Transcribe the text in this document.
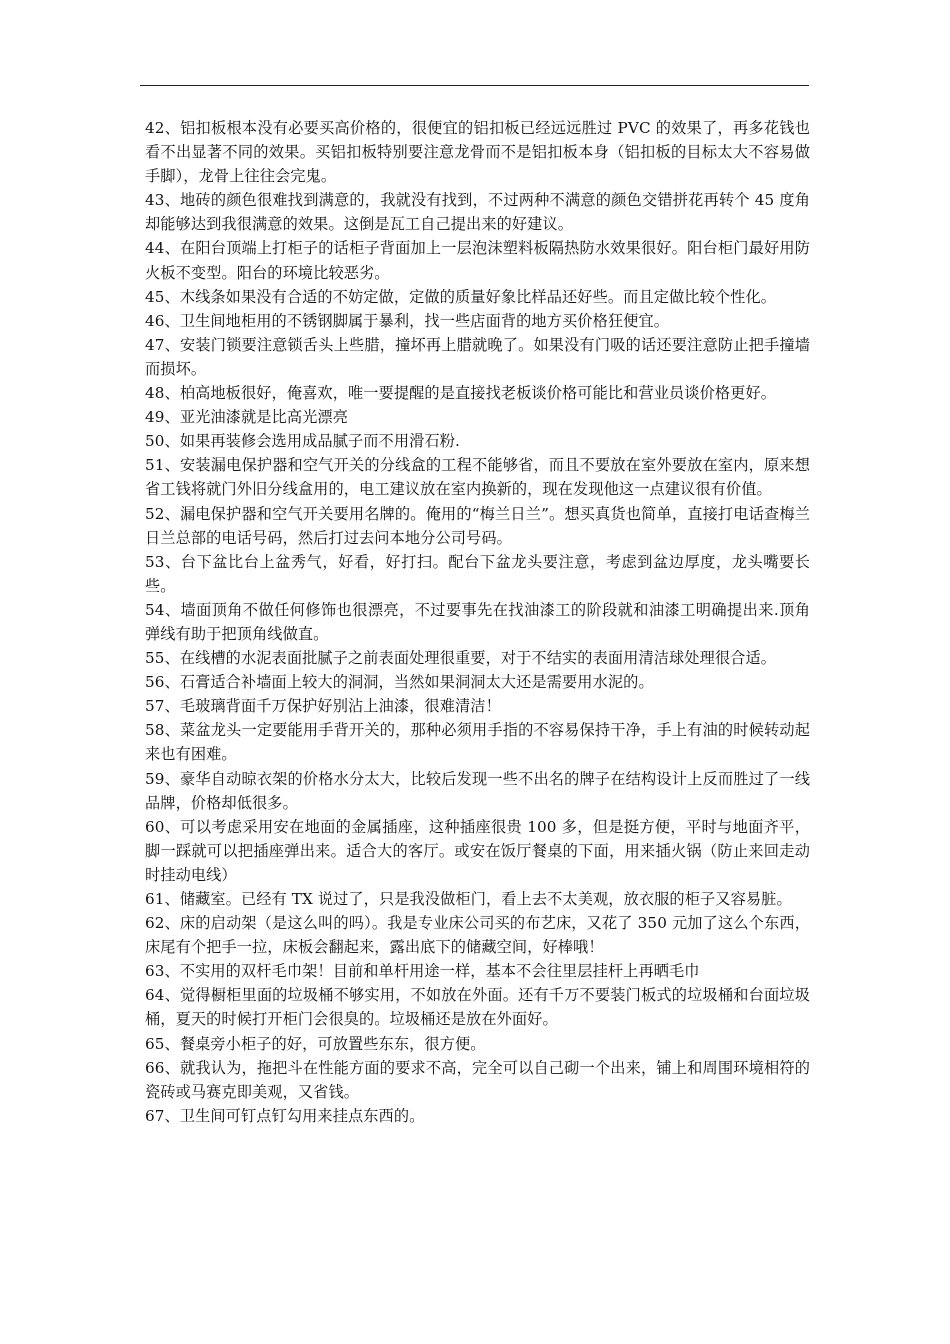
42、铝扣板根本没有必要买高价格的，很便宜的铝扣板已经远远胜过 PVC 的效果了，再多花钱也看不出显著不同的效果。买铝扣板特别要注意龙骨而不是铝扣板本身（铝扣板的目标太大不容易做手脚），龙骨上往往会完鬼。

43、地砖的颜色很难找到满意的，我就没有找到，不过两种不满意的颜色交错拼花再转个 45 度角却能够达到我很满意的效果。这倒是瓦工自己提出来的好建议。

44、在阳台顶端上打柜子的话柜子背面加上一层泡沫塑料板隔热防水效果很好。阳台柜门最好用防火板不变型。阳台的环境比较恶劣。

45、木线条如果没有合适的不妨定做，定做的质量好象比样品还好些。而且定做比较个性化。

46、卫生间地柜用的不锈钢脚属于暴利，找一些店面背的地方买价格狂便宜。

47、安装门锁要注意锁舌头上些腊，撞坏再上腊就晚了。如果没有门吸的话还要注意防止把手撞墙而损坏。

48、柏高地板很好，俺喜欢，唯一要提醒的是直接找老板谈价格可能比和营业员谈价格更好。

49、亚光油漆就是比高光漂亮

50、如果再装修会选用成品腻子而不用滑石粉.

51、安装漏电保护器和空气开关的分线盒的工程不能够省，而且不要放在室外要放在室内，原来想省工钱将就门外旧分线盒用的，电工建议放在室内换新的，现在发现他这一点建议很有价值。

52、漏电保护器和空气开关要用名牌的。俺用的“梅兰日兰”。想买真货也简单，直接打电话查梅兰日兰总部的电话号码，然后打过去问本地分公司号码。

53、台下盆比台上盆秀气，好看，好打扫。配台下盆龙头要注意，考虑到盆边厚度，龙头嘴要长些。

54、墙面顶角不做任何修饰也很漂亮，不过要事先在找油漆工的阶段就和油漆工明确提出来.顶角弹线有助于把顶角线做直。

55、在线槽的水泥表面批腻子之前表面处理很重要，对于不结实的表面用清洁球处理很合适。

56、石膏适合补墙面上较大的洞洞，当然如果洞洞太大还是需要用水泥的。

57、毛玻璃背面千万保护好别沾上油漆，很难清洁！

58、菜盆龙头一定要能用手背开关的，那种必须用手指的不容易保持干净，手上有油的时候转动起来也有困难。

59、豪华自动晾衣架的价格水分太大，比较后发现一些不出名的牌子在结构设计上反而胜过了一线品牌，价格却低很多。

60、可以考虑采用安在地面的金属插座，这种插座很贵 100 多，但是挺方便，平时与地面齐平，脚一踩就可以把插座弹出来。适合大的客厅。或安在饭厅餐桌的下面，用来插火锅（防止来回走动时挂动电线）

61、储藏室。已经有 TX 说过了，只是我没做柜门，看上去不太美观，放衣服的柜子又容易脏。

62、床的启动架（是这么叫的吗）。我是专业床公司买的布艺床，又花了 350 元加了这么个东西，床尾有个把手一拉，床板会翻起来，露出底下的储藏空间，好棒哦！

63、不实用的双杆毛巾架！目前和单杆用途一样，基本不会往里层挂杆上再晒毛巾

64、觉得橱柜里面的垃圾桶不够实用，不如放在外面。还有千万不要装门板式的垃圾桶和台面垃圾桶，夏天的时候打开柜门会很臭的。垃圾桶还是放在外面好。

65、餐桌旁小柜子的好，可放置些东东，很方便。

66、就我认为，拖把斗在性能方面的要求不高，完全可以自己砌一个出来，铺上和周围环境相符的瓷砖或马赛克即美观，又省钱。

67、卫生间可钉点钉勾用来挂点东西的。
